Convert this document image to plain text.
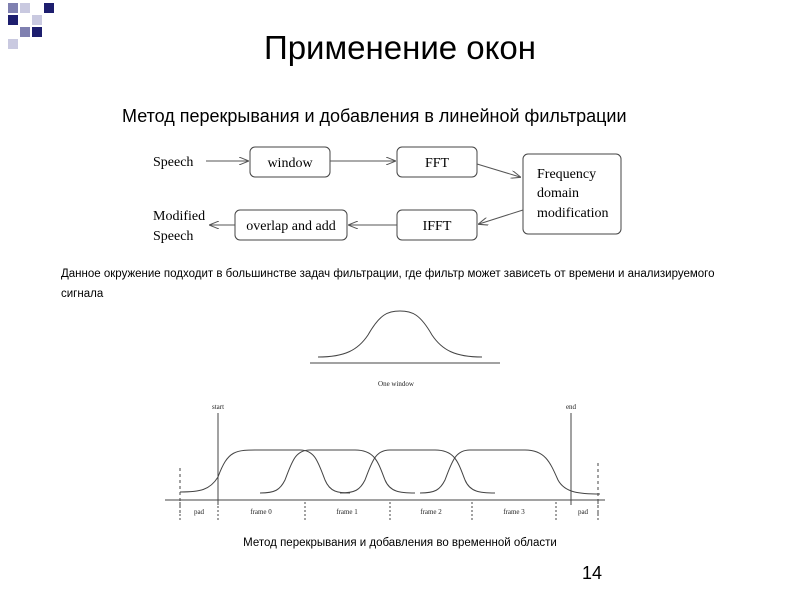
Применение окон
Метод перекрывания и добавления в линейной фильтрации
Speech	window	FFT
Frequency
domain
modification
IFFT
overlap and add
Modified
Speech
Данное окружение подходит в большинстве задач фильтрации, где фильтр может зависеть от времени и анализируемого сигнала
One window
start	end
pad	frame 0	frame 1	frame 2	frame 3	pad
Метод перекрывания и добавления во временной области
14
